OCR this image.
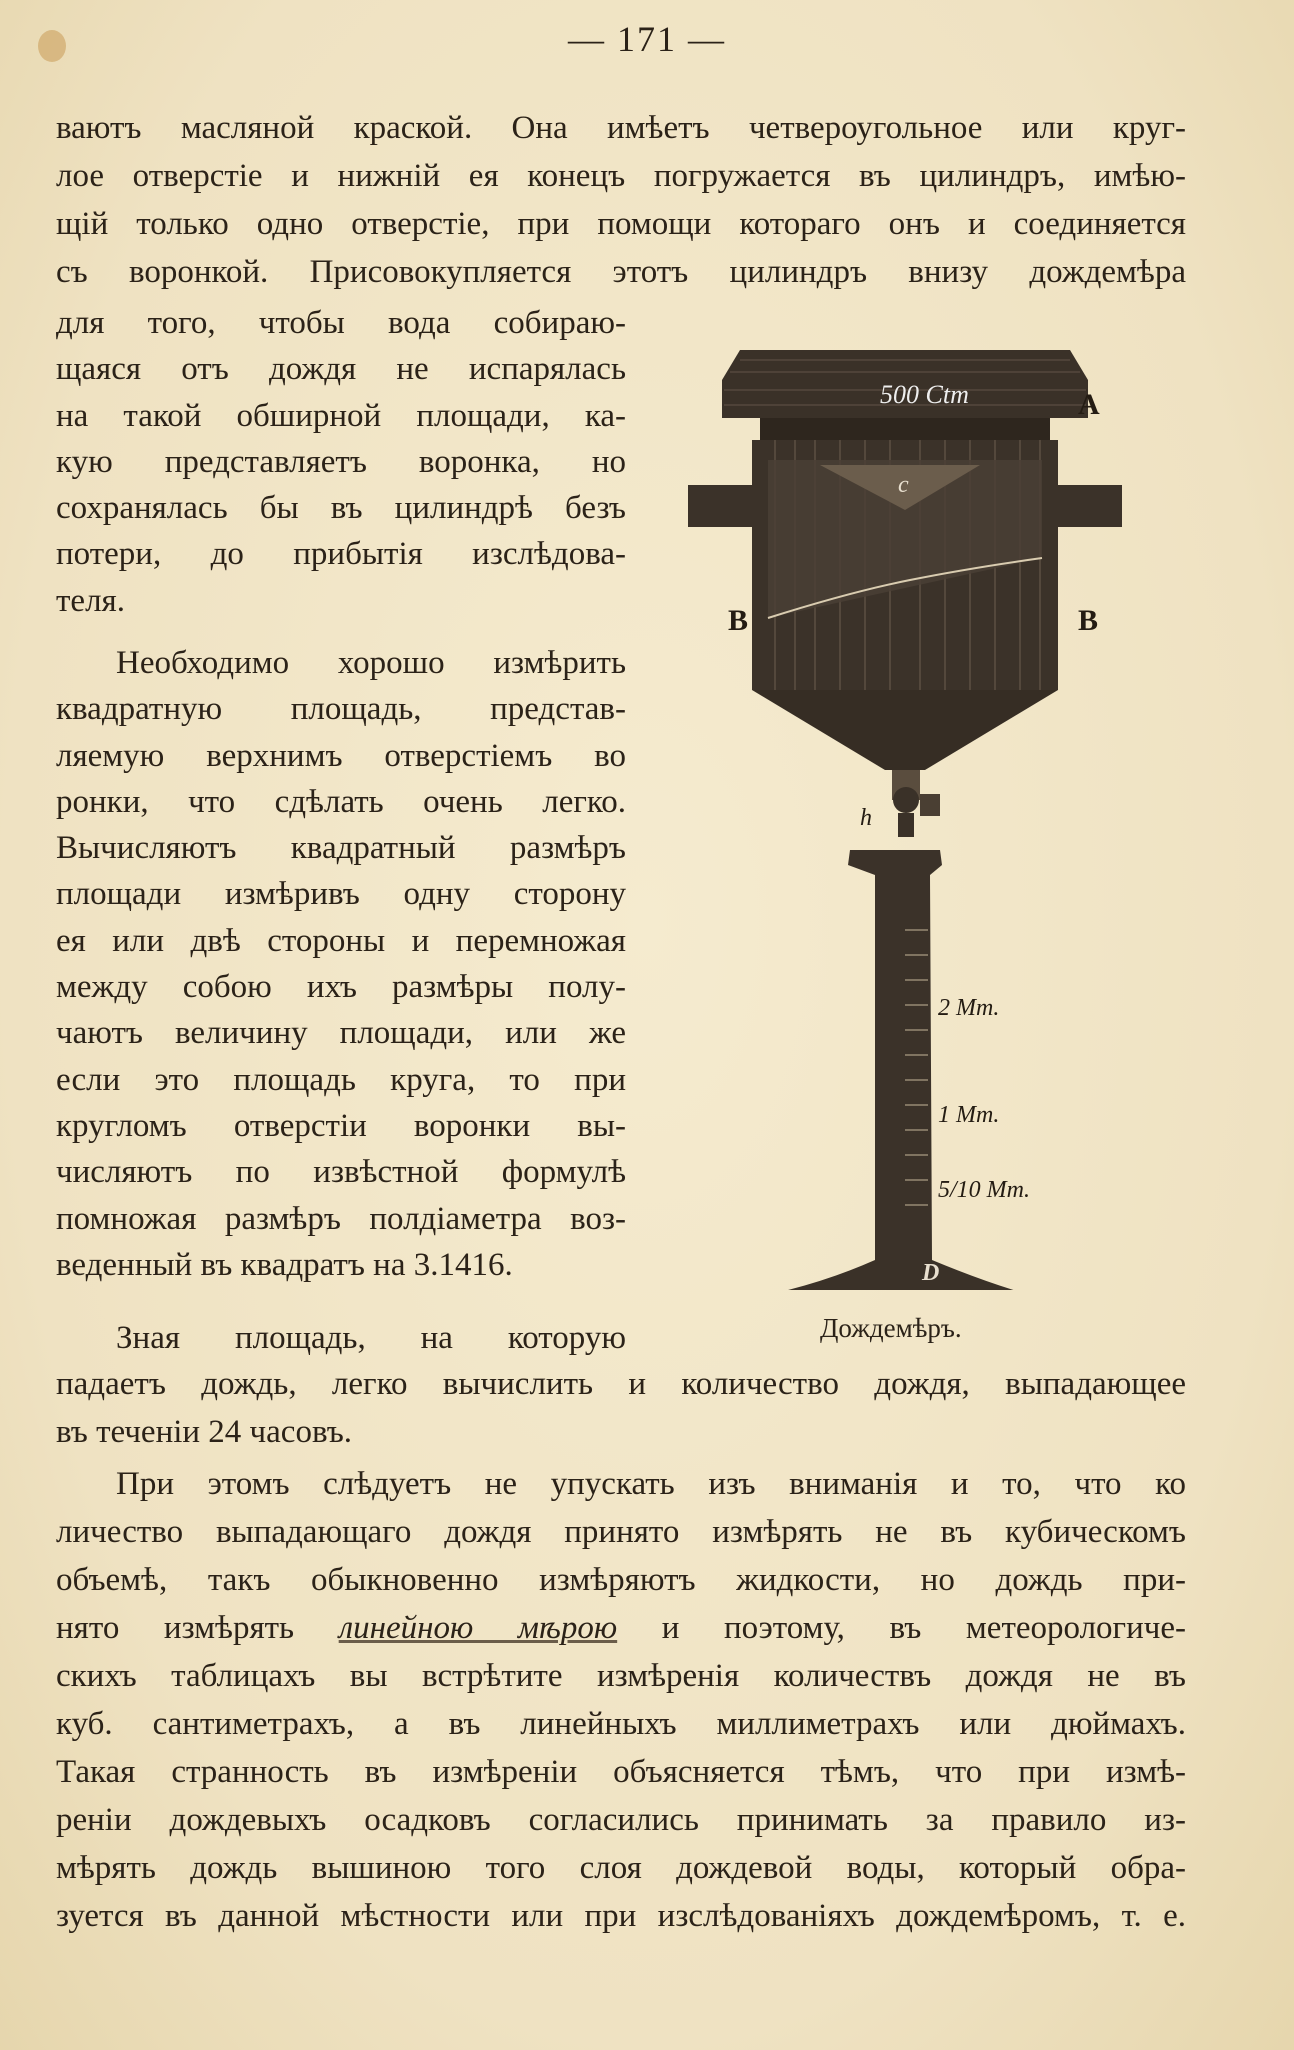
— 171 —
ваютъ масляной краской. Она имѣетъ четвероугольное или круг-
лое отверстіе и нижній ея конецъ погружается въ цилиндръ, имѣю-
щій только одно отверстіе, при помощи котораго онъ и соединяется
съ воронкой. Присовокупляется этотъ цилиндръ внизу дождемѣра
для того, чтобы вода собираю-
щаяся отъ дождя не испарялась
на такой обширной площади, ка-
кую представляетъ воронка, но
сохранялась бы въ цилиндрѣ безъ
потери, до прибытія изслѣдова-
теля.
Необходимо хорошо измѣрить
квадратную площадь, представ-
ляемую верхнимъ отверстіемъ во
ронки, что сдѣлать очень легко.
Вычисляютъ квадратный размѣръ
площади измѣривъ одну сторону
ея или двѣ стороны и перемножая
между собою ихъ размѣры полу-
чаютъ величину площади, или же
если это площадь круга, то при
кругломъ отверстіи воронки вы-
числяютъ по извѣстной формулѣ
помножая размѣръ полдіаметра воз-
веденный въ квадратъ на 3.1416.
Зная площадь, на которую
500 Ctm	A
B	B
c
h
2 Mm.
1 Mm.
5/10 Mm.
D
Дождемѣръ.
падаетъ дождь, легко вычислить и количество дождя, выпадающее
въ теченіи 24 часовъ.
При этомъ слѣдуетъ не упускать изъ вниманія и то, что ко
личество выпадающаго дождя принято измѣрять не въ кубическомъ
объемѣ, такъ обыкновенно измѣряютъ жидкости, но дождь при-
нято измѣрять линейною мѣрою и поэтому, въ метеорологиче-
скихъ таблицахъ вы встрѣтите измѣренія количествъ дождя не въ
куб. сантиметрахъ, а въ линейныхъ миллиметрахъ или дюймахъ.
Такая странность въ измѣреніи объясняется тѣмъ, что при измѣ-
реніи дождевыхъ осадковъ согласились принимать за правило из-
мѣрять дождь вышиною того слоя дождевой воды, который обра-
зуется въ данной мѣстности или при изслѣдованіяхъ дождемѣромъ, т. е.
